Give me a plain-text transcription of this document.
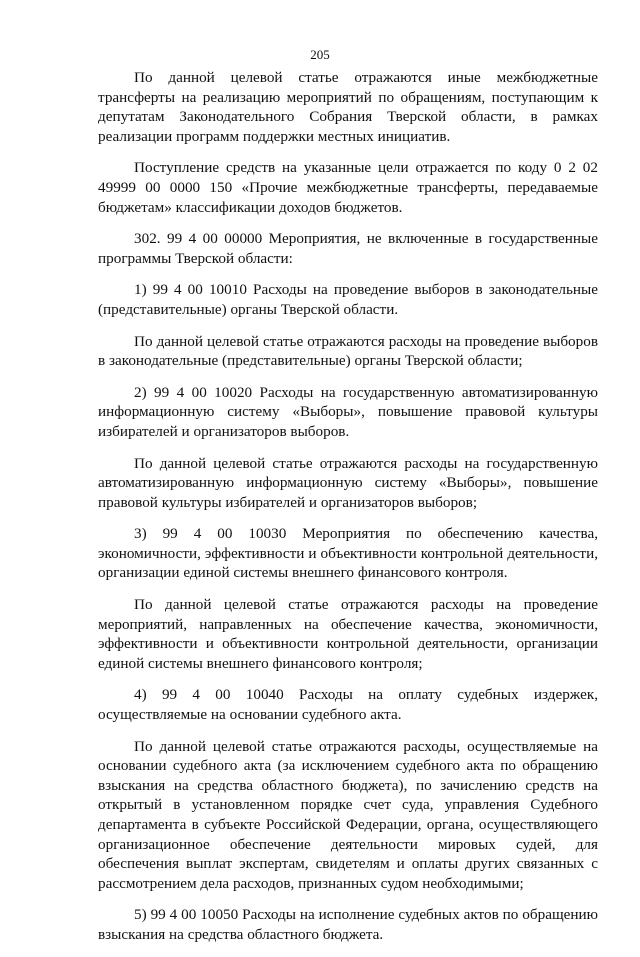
205

По данной целевой статье отражаются иные межбюджетные трансферты на реализацию мероприятий по обращениям, поступающим к депутатам Законодательного Собрания Тверской области, в рамках реализации программ поддержки местных инициатив.

Поступление средств на указанные цели отражается по коду 0 2 02 49999 00 0000 150 «Прочие межбюджетные трансферты, передаваемые бюджетам» классификации доходов бюджетов.

302. 99 4 00 00000 Мероприятия, не включенные в государственные программы Тверской области:

1) 99 4 00 10010 Расходы на проведение выборов в законодательные (представительные) органы Тверской области.

По данной целевой статье отражаются расходы на проведение выборов в законодательные (представительные) органы Тверской области;

2) 99 4 00 10020 Расходы на государственную автоматизированную информационную систему «Выборы», повышение правовой культуры избирателей и организаторов выборов.

По данной целевой статье отражаются расходы на государственную автоматизированную информационную систему «Выборы», повышение правовой культуры избирателей и организаторов выборов;

3) 99 4 00 10030 Мероприятия по обеспечению качества, экономичности, эффективности и объективности контрольной деятельности, организации единой системы внешнего финансового контроля.

По данной целевой статье отражаются расходы на проведение мероприятий, направленных на обеспечение качества, экономичности, эффективности и объективности контрольной деятельности, организации единой системы внешнего финансового контроля;

4) 99 4 00 10040 Расходы на оплату судебных издержек, осуществляемые на основании судебного акта.

По данной целевой статье отражаются расходы, осуществляемые на основании судебного акта (за исключением судебного акта по обращению взыскания на средства областного бюджета), по зачислению средств на открытый в установленном порядке счет суда, управления Судебного департамента в субъекте Российской Федерации, органа, осуществляющего организационное обеспечение деятельности мировых судей, для обеспечения выплат экспертам, свидетелям и оплаты других связанных с рассмотрением дела расходов, признанных судом необходимыми;

5) 99 4 00 10050 Расходы на исполнение судебных актов по обращению взыскания на средства областного бюджета.
